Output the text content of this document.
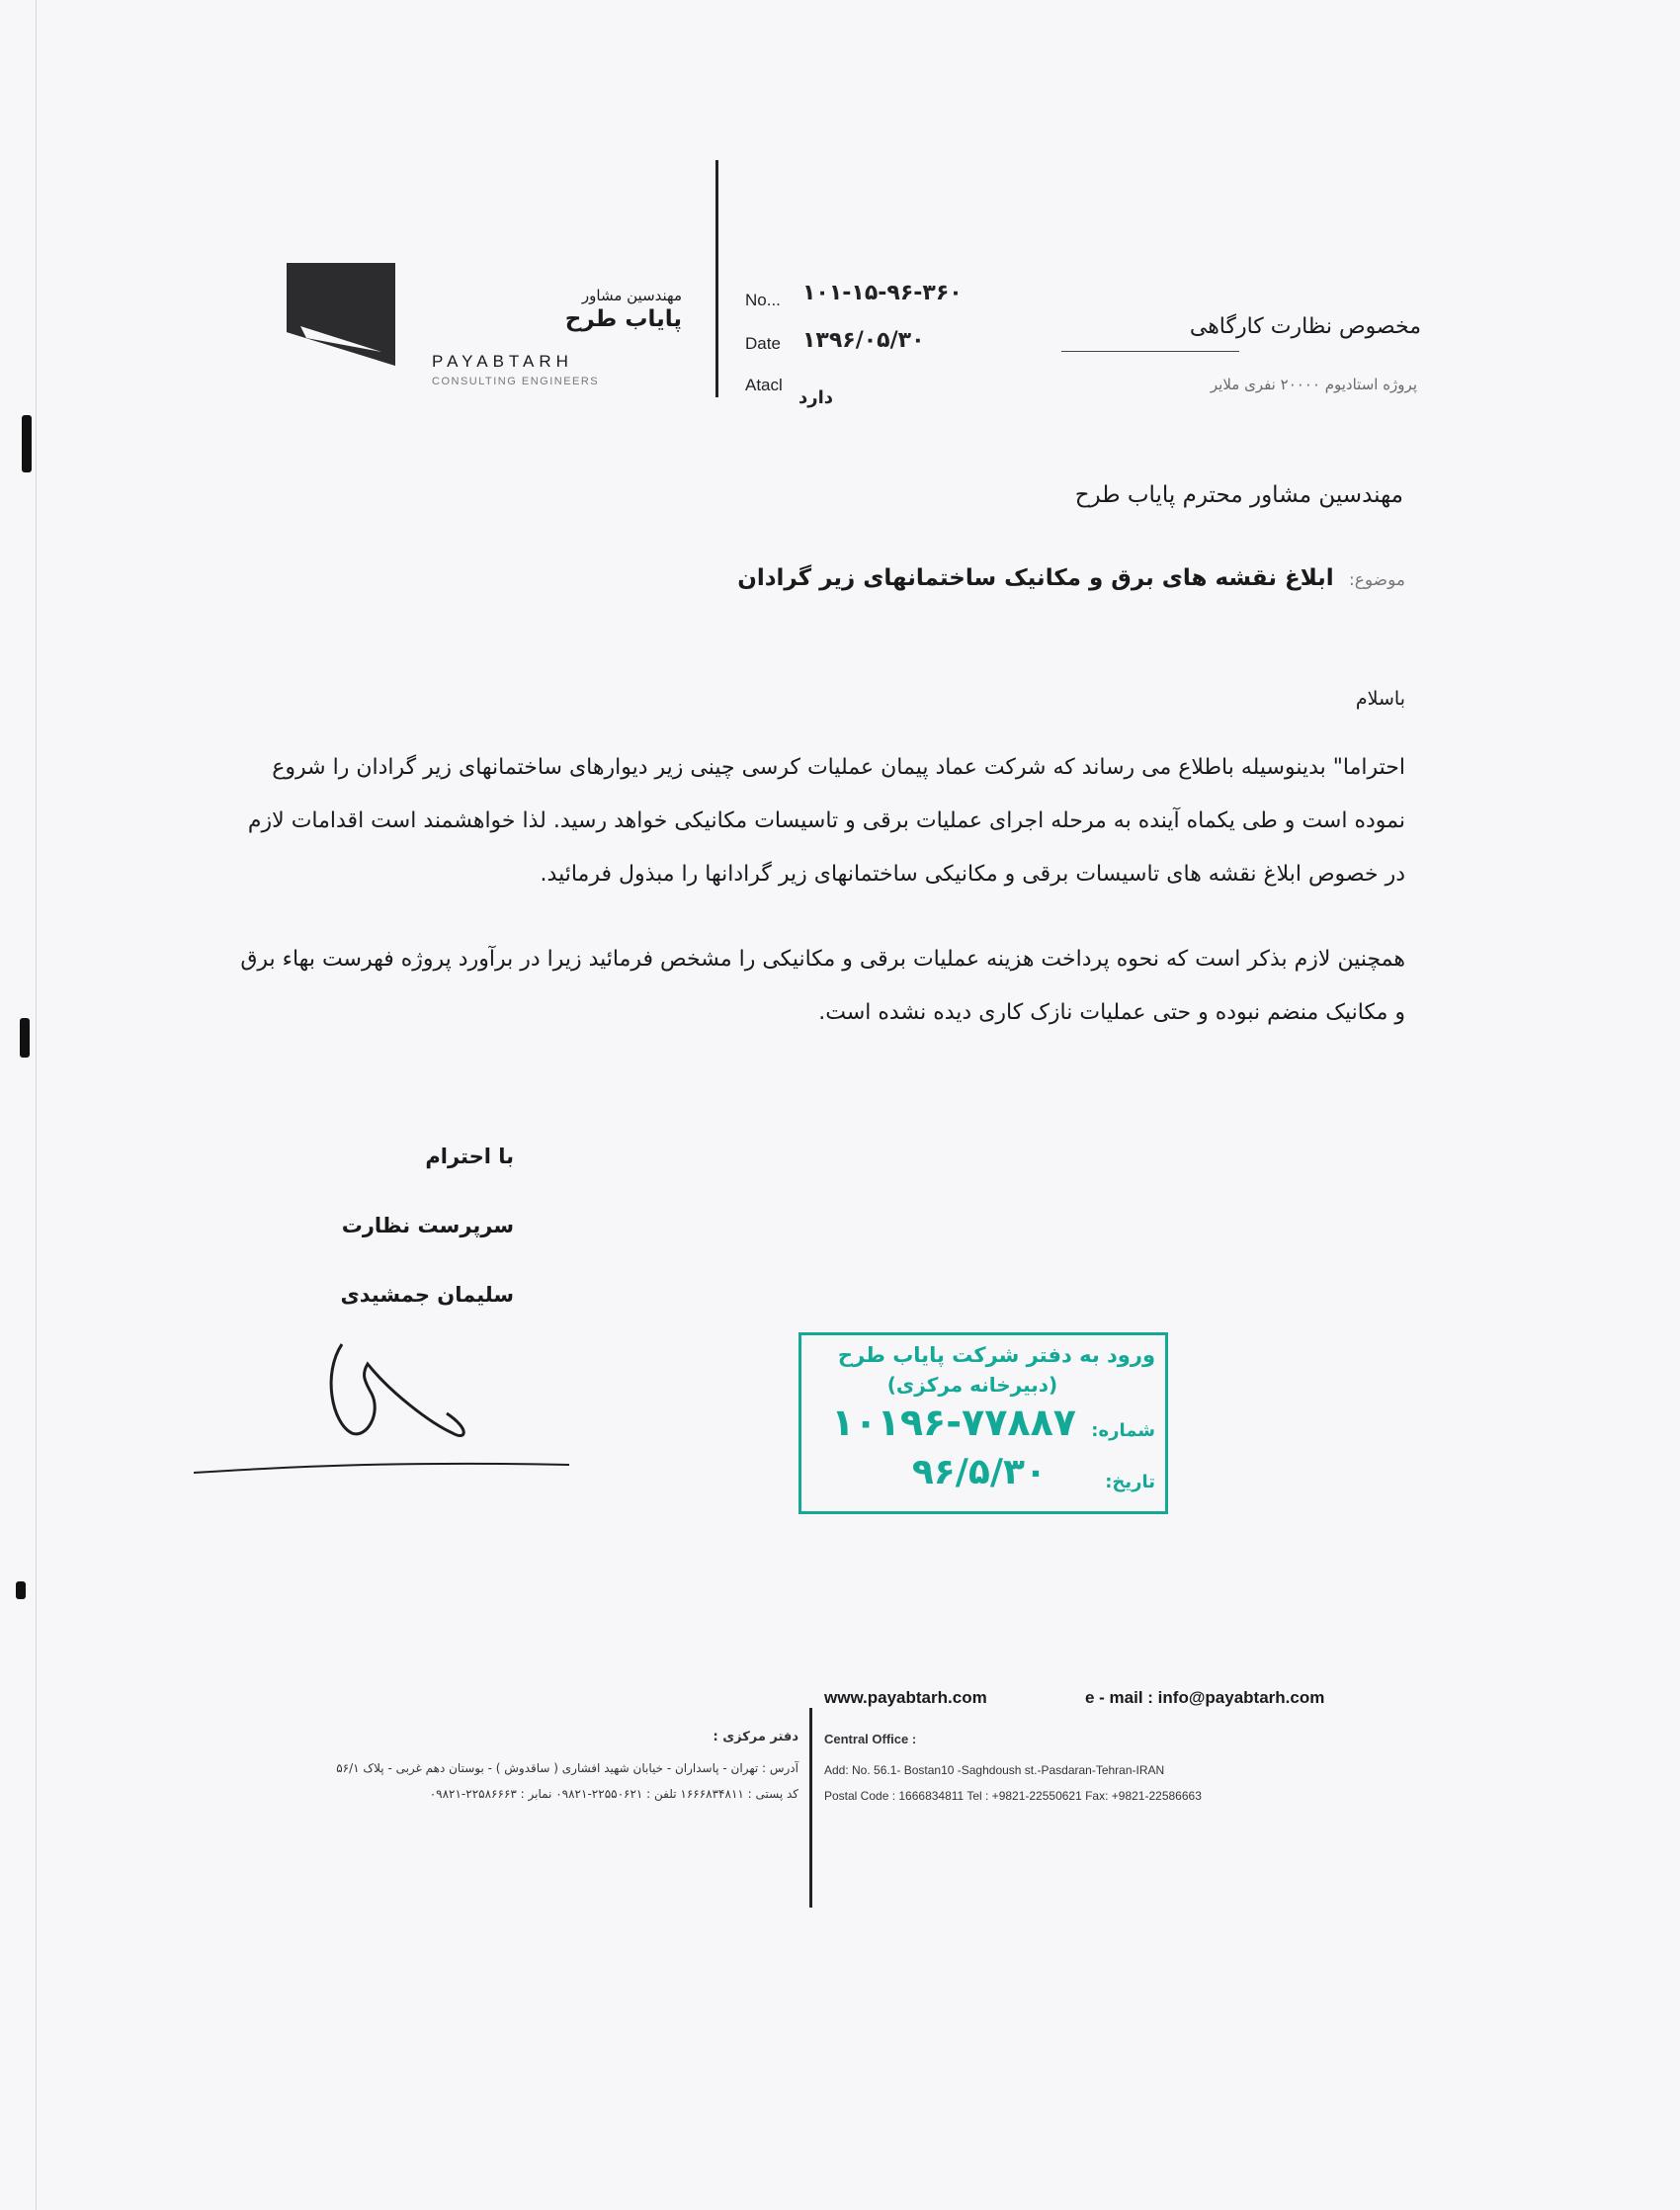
مهندسین مشاور
پایاب طرح
PAYABTARH
CONSULTING ENGINEERS
No... ۱۰۱-۱۵-۹۶-۳۶۰
Date ۱۳۹۶/۰۵/۳۰
Atacl
دارد
مخصوص نظارت کارگاهی
پروژه استادیوم ۲۰۰۰۰ نفری ملایر
مهندسین مشاور محترم پایاب طرح
موضوع: ابلاغ نقشه های برق و مکانیک ساختمانهای زیر گرادان
باسلام
احتراما" بدینوسیله باطلاع می رساند که شرکت عماد پیمان عملیات کرسی چینی زیر دیوارهای ساختمانهای زیر گرادان را شروع نموده است و طی یکماه آینده به مرحله اجرای عملیات برقی و تاسیسات مکانیکی خواهد رسید. لذا خواهشمند است اقدامات لازم در خصوص ابلاغ نقشه های تاسیسات برقی و مکانیکی ساختمانهای زیر گرادانها را مبذول فرمائید.
همچنین لازم بذکر است که نحوه پرداخت هزینه عملیات برقی و مکانیکی را مشخص فرمائید زیرا در برآورد پروژه فهرست بهاء برق و مکانیک منضم نبوده و حتی عملیات نازک کاری دیده نشده است.
با احترام
سرپرست نظارت
سلیمان جمشیدی
ورود به دفتر شرکت پایاب طرح
(دبیرخانه مرکزی)
شماره:
۱۰۱۹۶-۷۷۸۸۷
تاریخ:
۹۶/۵/۳۰
www.payabtarh.com	e - mail : info@payabtarh.com
Central Office :
Add: No. 56.1- Bostan10 -Saghdoush st.-Pasdaran-Tehran-IRAN
Postal Code : 1666834811 Tel : +9821-22550621 Fax: +9821-22586663
دفتر مرکزی :
آدرس : تهران - پاسداران - خیابان شهید افشاری ( ساقدوش ) - بوستان دهم غربی - پلاک ۵۶/۱
کد پستی : ۱۶۶۶۸۳۴۸۱۱ تلفن : ۲۲۵۵۰۶۲۱-۰۹۸۲۱ نمابر : ۲۲۵۸۶۶۶۳-۰۹۸۲۱
